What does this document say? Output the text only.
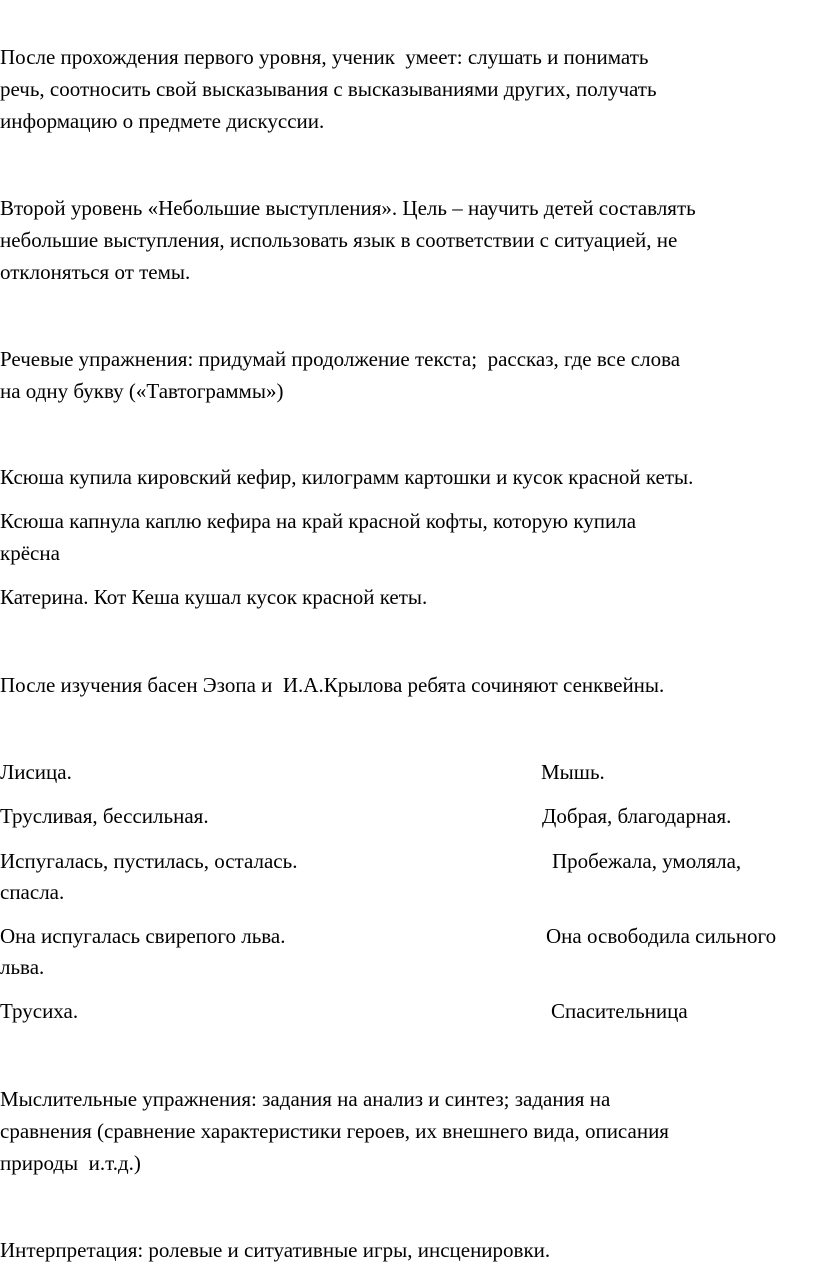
После прохождения первого уровня, ученик  умеет: слушать и понимать
речь, соотносить свой высказывания с высказываниями других, получать
информацию о предмете дискуссии.
Второй уровень «Небольшие выступления». Цель – научить детей составлять
небольшие выступления, использовать язык в соответствии с ситуацией, не
отклоняться от темы.
Речевые упражнения: придумай продолжение текста;  рассказ, где все слова
на одну букву («Тавтограммы»)
Ксюша купила кировский кефир, килограмм картошки и кусок красной кеты.
Ксюша капнула каплю кефира на край красной кофты, которую купила
крёсна
Катерина. Кот Кеша кушал кусок красной кеты.
После изучения басен Эзопа и  И.А.Крылова ребята сочиняют сенквейны.
Лисица.	Мышь.
Трусливая, бессильная.	Добрая, благодарная.
Испугалась, пустилась, осталась.	Пробежала, умоляла,
спасла.
Она испугалась свирепого льва.	Она освободила сильного
льва.
Трусиха.	Спасительница
Мыслительные упражнения: задания на анализ и синтез; задания на
сравнения (сравнение характеристики героев, их внешнего вида, описания
природы  и.т.д.)
Интерпретация: ролевые и ситуативные игры, инсценировки.
